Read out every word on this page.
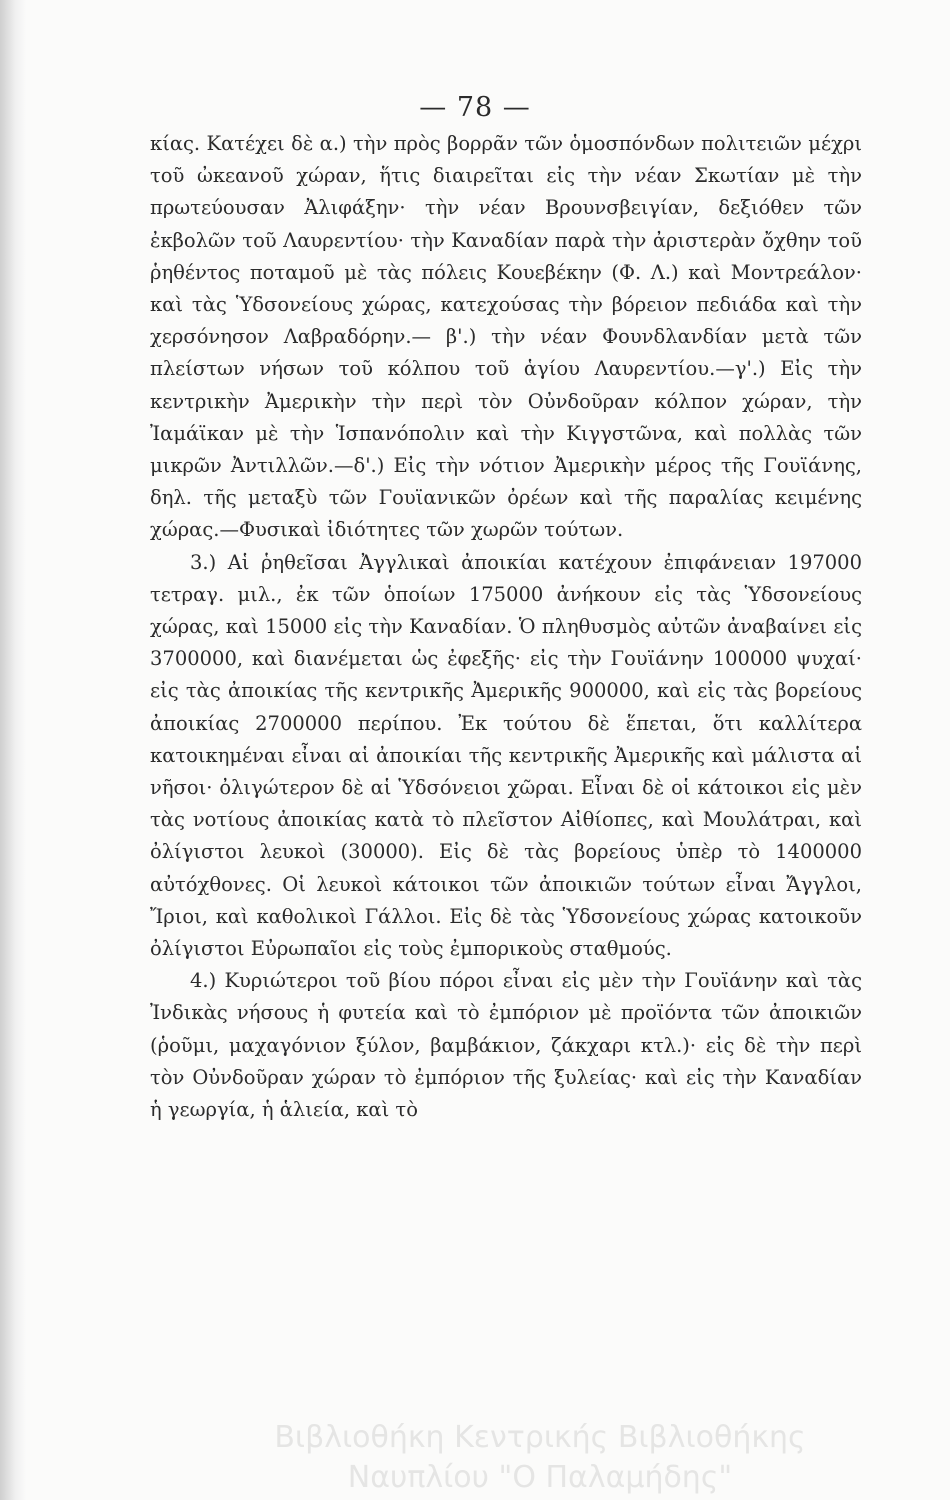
— 78 —

κίας. Κατέχει δὲ α.) τὴν πρὸς βορρᾶν τῶν ὁμοσπόνδων πολιτειῶν μέχρι τοῦ ὠκεανοῦ χώραν, ἥτις διαιρεῖται εἰς τὴν νέαν Σκωτίαν μὲ τὴν πρωτεύουσαν Ἀλιφάξην· τὴν νέαν Βρουνσβειγίαν, δεξιόθεν τῶν ἐκβολῶν τοῦ Λαυρεντίου· τὴν Καναδίαν παρὰ τὴν ἀριστερὰν ὄχθην τοῦ ῥηθέντος ποταμοῦ μὲ τὰς πόλεις Κουεβέκην (Φ. Λ.) καὶ Μοντρεάλον· καὶ τὰς Ὑδσονείους χώρας, κατεχούσας τὴν βόρειον πεδιάδα καὶ τὴν χερσόνησον Λαβραδόρην.— β'.) τὴν νέαν Φουνδλανδίαν μετὰ τῶν πλείστων νήσων τοῦ κόλπου τοῦ ἁγίου Λαυρεντίου.—γ'.) Εἰς τὴν κεντρικὴν Ἀμερικὴν τὴν περὶ τὸν Οὐνδοῦραν κόλπον χώραν, τὴν Ἰαμάϊκαν μὲ τὴν Ἱσπανόπολιν καὶ τὴν Κιγγστῶνα, καὶ πολλὰς τῶν μικρῶν Ἀντιλλῶν.—δ'.) Εἰς τὴν νότιον Ἀμερικὴν μέρος τῆς Γουϊάνης, δηλ. τῆς μεταξὺ τῶν Γουϊανικῶν ὀρέων καὶ τῆς παραλίας κειμένης χώρας.—Φυσικαὶ ἰδιότητες τῶν χωρῶν τούτων.

3.) Αἱ ῥηθεῖσαι Ἀγγλικαὶ ἀποικίαι κατέχουν ἐπιφάνειαν 197000 τετραγ. μιλ., ἐκ τῶν ὁποίων 175000 ἀνήκουν εἰς τὰς Ὑδσονείους χώρας, καὶ 15000 εἰς τὴν Καναδίαν. Ὁ πληθυσμὸς αὐτῶν ἀναβαίνει εἰς 3700000, καὶ διανέμεται ὡς ἐφεξῆς· εἰς τὴν Γουϊάνην 100000 ψυχαί· εἰς τὰς ἀποικίας τῆς κεντρικῆς Ἀμερικῆς 900000, καὶ εἰς τὰς βορείους ἀποικίας 2700000 περίπου. Ἐκ τούτου δὲ ἕπεται, ὅτι καλλίτερα κατοικημέναι εἶναι αἱ ἀποικίαι τῆς κεντρικῆς Ἀμερικῆς καὶ μάλιστα αἱ νῆσοι· ὀλιγώτερον δὲ αἱ Ὑδσόνειοι χῶραι. Εἶναι δὲ οἱ κάτοικοι εἰς μὲν τὰς νοτίους ἀποικίας κατὰ τὸ πλεῖστον Αἰθίοπες, καὶ Μουλάτραι, καὶ ὀλίγιστοι λευκοὶ (30000). Εἰς δὲ τὰς βορείους ὑπὲρ τὸ 1400000 αὐτόχθονες. Οἱ λευκοὶ κάτοικοι τῶν ἀποικιῶν τούτων εἶναι Ἄγγλοι, Ἴριοι, καὶ καθολικοὶ Γάλλοι. Εἰς δὲ τὰς Ὑδσονείους χώρας κατοικοῦν ὀλίγιστοι Εὐρωπαῖοι εἰς τοὺς ἐμπορικοὺς σταθμούς.

4.) Κυριώτεροι τοῦ βίου πόροι εἶναι εἰς μὲν τὴν Γουϊάνην καὶ τὰς Ἰνδικὰς νήσους ἡ φυτεία καὶ τὸ ἐμπόριον μὲ προϊόντα τῶν ἀποικιῶν (ῥοῦμι, μαχαγόνιον ξύλον, βαμβάκιον, ζάκχαρι κτλ.)· εἰς δὲ τὴν περὶ τὸν Οὐνδοῦραν χώραν τὸ ἐμπόριον τῆς ξυλείας· καὶ εἰς τὴν Καναδίαν ἡ γεωργία, ἡ ἁλιεία, καὶ τὸ

Βιβλιοθήκη Κεντρικής Βιβλιοθήκης Ναυπλίου "Ο Παλαμήδης"
